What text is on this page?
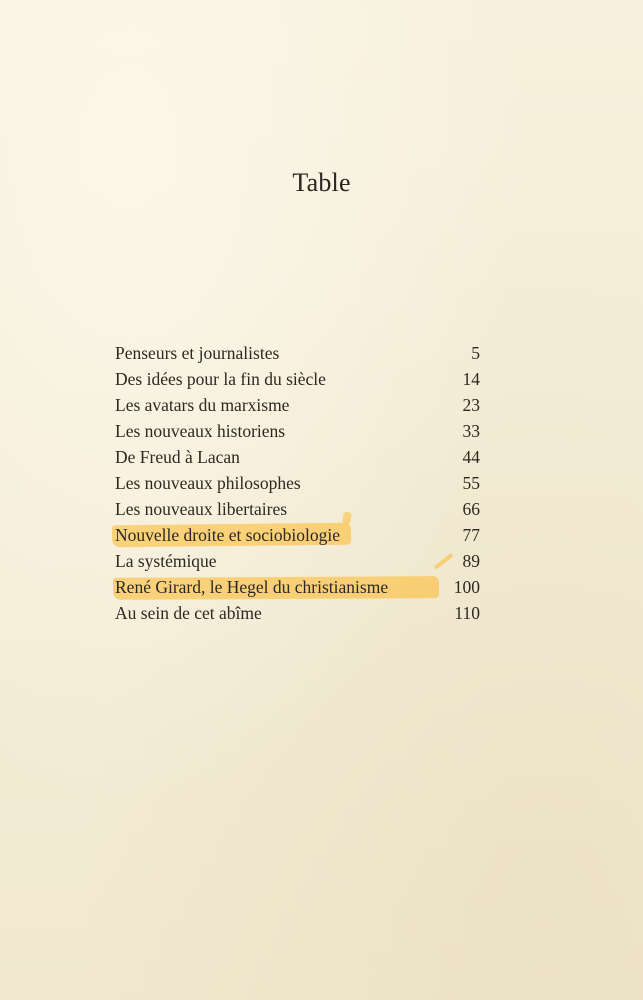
Table
Penseurs et journalistes	5
Des idées pour la fin du siècle	14
Les avatars du marxisme	23
Les nouveaux historiens	33
De Freud à Lacan	44
Les nouveaux philosophes	55
Les nouveaux libertaires	66
Nouvelle droite et sociobiologie	77
La systémique	89
René Girard, le Hegel du christianisme	100
Au sein de cet abîme	110
